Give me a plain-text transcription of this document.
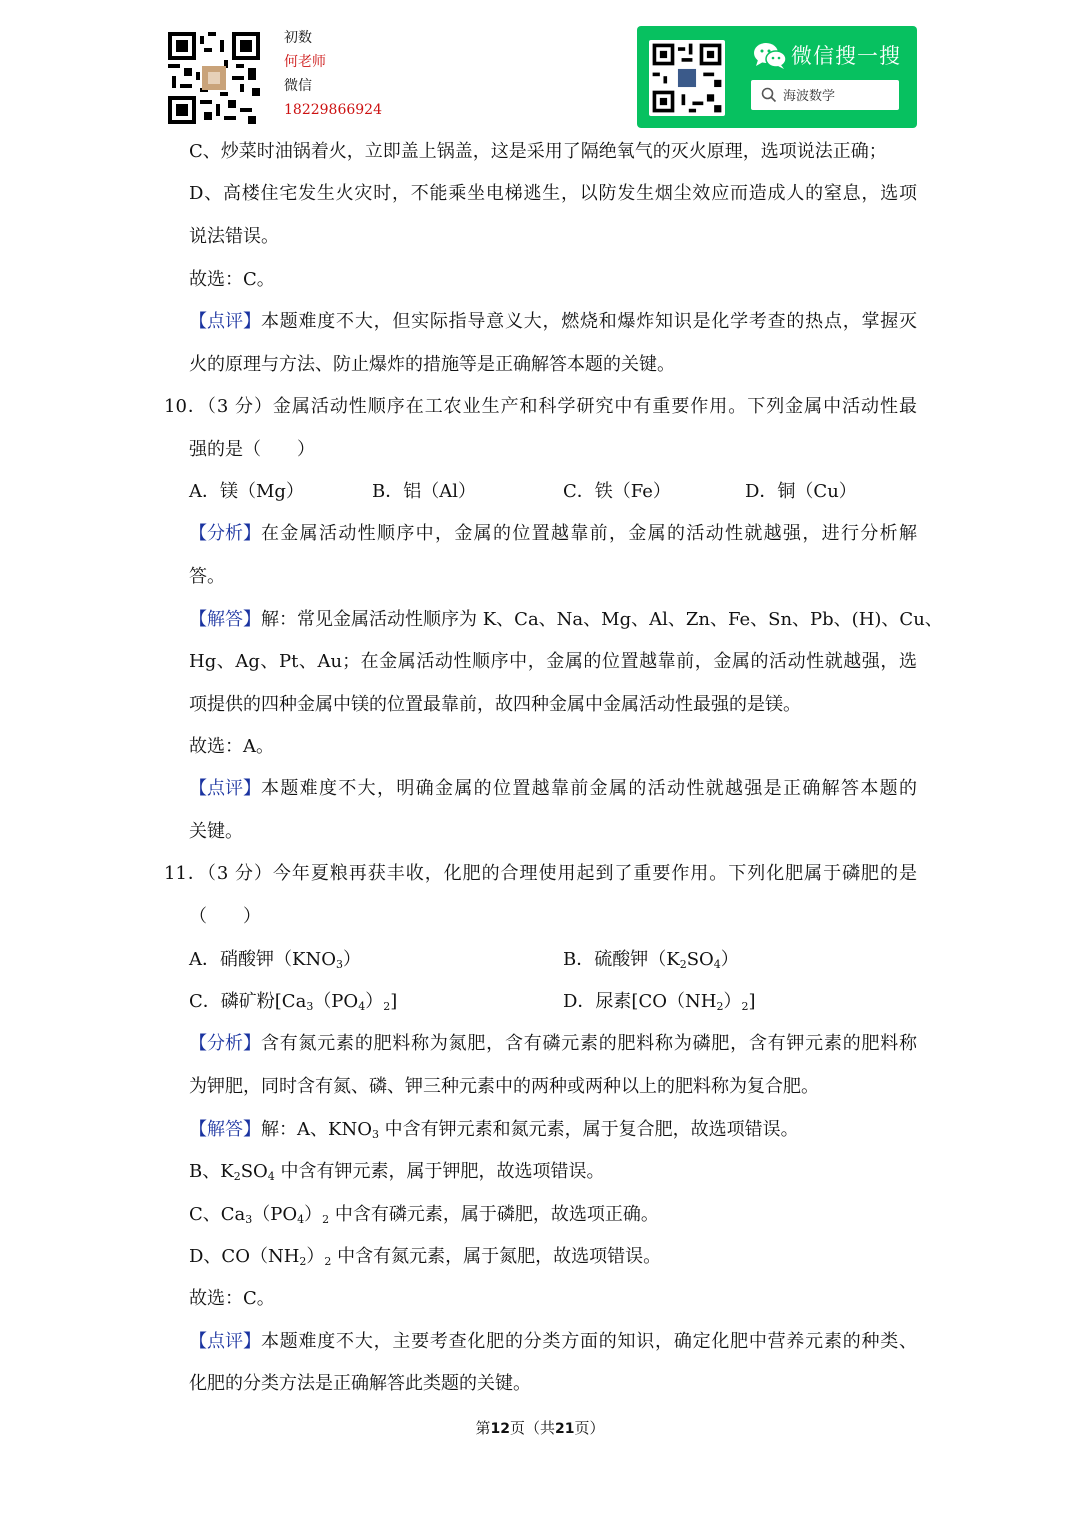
初数
何老师
微信
18229866924
微信搜一搜
海波数学
C、炒菜时油锅着火，立即盖上锅盖，这是采用了隔绝氧气的灭火原理，选项说法正确；
D、高楼住宅发生火灾时，不能乘坐电梯逃生，以防发生烟尘效应而造成人的窒息，选项
说法错误。
故选：C。
【点评】 本题难度不大，但实际指导意义大，燃烧和爆炸知识是化学考查的热点，掌握灭
火的原理与方法、防止爆炸的措施等是正确解答本题的关键。
10．（3 分）金属活动性顺序在工农业生产和科学研究中有重要作用。下列金属中活动性最
强的是（　　）
A．镁（Mg）	B．铝（Al）	C．铁（Fe）	D．铜（Cu）
【分析】 在金属活动性顺序中，金属的位置越靠前，金属的活动性就越强，进行分析解
答。
【解答】 解：常见金属活动性顺序为 K、Ca、Na、Mg、Al、Zn、Fe、Sn、Pb、(H)、Cu、
Hg、Ag、Pt、Au；在金属活动性顺序中，金属的位置越靠前，金属的活动性就越强，选
项提供的四种金属中镁的位置最靠前，故四种金属中金属活动性最强的是镁。
故选：A。
【点评】 本题难度不大，明确金属的位置越靠前金属的活动性就越强是正确解答本题的
关键。
11．（3 分）今年夏粮再获丰收，化肥的合理使用起到了重要作用。下列化肥属于磷肥的是
（　　）
A．硝酸钾$(KNO_3)$	B．硫酸钾$(K_2SO_4)$
C．磷矿粉$[Ca_3(PO_4)_2]$	D．尿素$[CO(NH_2)_2]$
【分析】 含有氮元素的肥料称为氮肥，含有磷元素的肥料称为磷肥，含有钾元素的肥料称
为钾肥，同时含有氮、磷、钾三种元素中的两种或两种以上的肥料称为复合肥。
【解答】解：A、$KNO_3$ 中含有钾元素和氮元素，属于复合肥，故选项错误。
B、$K_2SO_4$ 中含有钾元素，属于钾肥，故选项错误。
C、$Ca_3(PO_4)_2$ 中含有磷元素，属于磷肥，故选项正确。
D、$CO(NH_2)_2$ 中含有氮元素，属于氮肥，故选项错误。
故选：C。
【点评】 本题难度不大，主要考查化肥的分类方面的知识，确定化肥中营养元素的种类、
化肥的分类方法是正确解答此类题的关键。
第12页（共21页）
